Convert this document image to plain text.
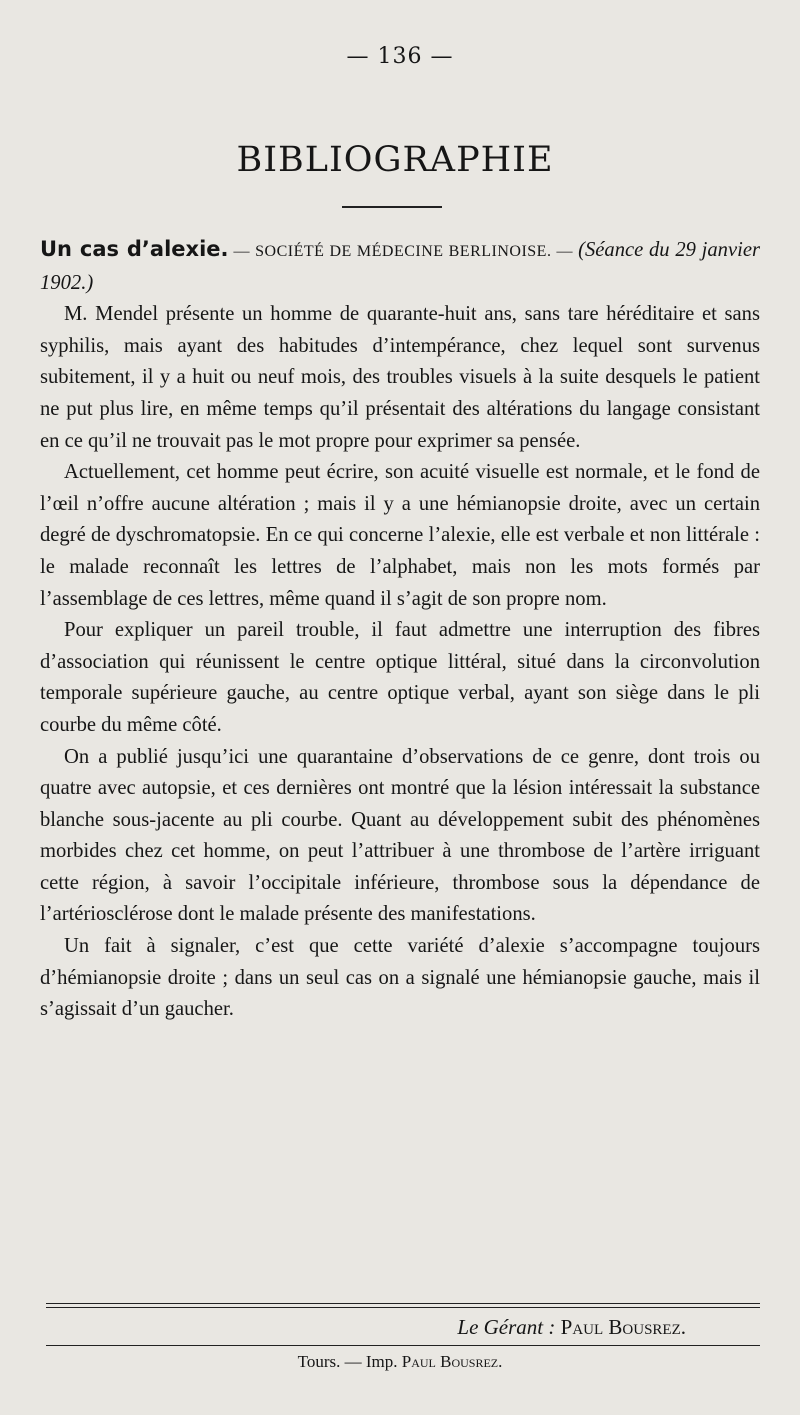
— 136 —
BIBLIOGRAPHIE

Un cas d’alexie. — SOCIÉTÉ DE MÉDECINE BERLINOISE. — (Séance du 29 janvier 1902.)

M. Mendel présente un homme de quarante-huit ans, sans tare héréditaire et sans syphilis, mais ayant des habitudes d’intempérance, chez lequel sont survenus subitement, il y a huit ou neuf mois, des troubles visuels à la suite desquels le patient ne put plus lire, en même temps qu’il présentait des altérations du langage consistant en ce qu’il ne trouvait pas le mot propre pour exprimer sa pensée.

Actuellement, cet homme peut écrire, son acuité visuelle est normale, et le fond de l’œil n’offre aucune altération ; mais il y a une hémianopsie droite, avec un certain degré de dyschromatopsie. En ce qui concerne l’alexie, elle est verbale et non littérale : le malade reconnaît les lettres de l’alphabet, mais non les mots formés par l’assemblage de ces lettres, même quand il s’agit de son propre nom.

Pour expliquer un pareil trouble, il faut admettre une interruption des fibres d’association qui réunissent le centre optique littéral, situé dans la circonvolution temporale supérieure gauche, au centre optique verbal, ayant son siège dans le pli courbe du même côté.

On a publié jusqu’ici une quarantaine d’observations de ce genre, dont trois ou quatre avec autopsie, et ces dernières ont montré que la lésion intéressait la substance blanche sous-jacente au pli courbe. Quant au développement subit des phénomènes morbides chez cet homme, on peut l’attribuer à une thrombose de l’artère irriguant cette région, à savoir l’occipitale inférieure, thrombose sous la dépendance de l’artériosclérose dont le malade présente des manifestations.

Un fait à signaler, c’est que cette variété d’alexie s’accompagne toujours d’hémianopsie droite ; dans un seul cas on a signalé une hémianopsie gauche, mais il s’agissait d’un gaucher.

Le Gérant : Paul Bousrez.
Tours. — Imp. Paul Bousrez.
